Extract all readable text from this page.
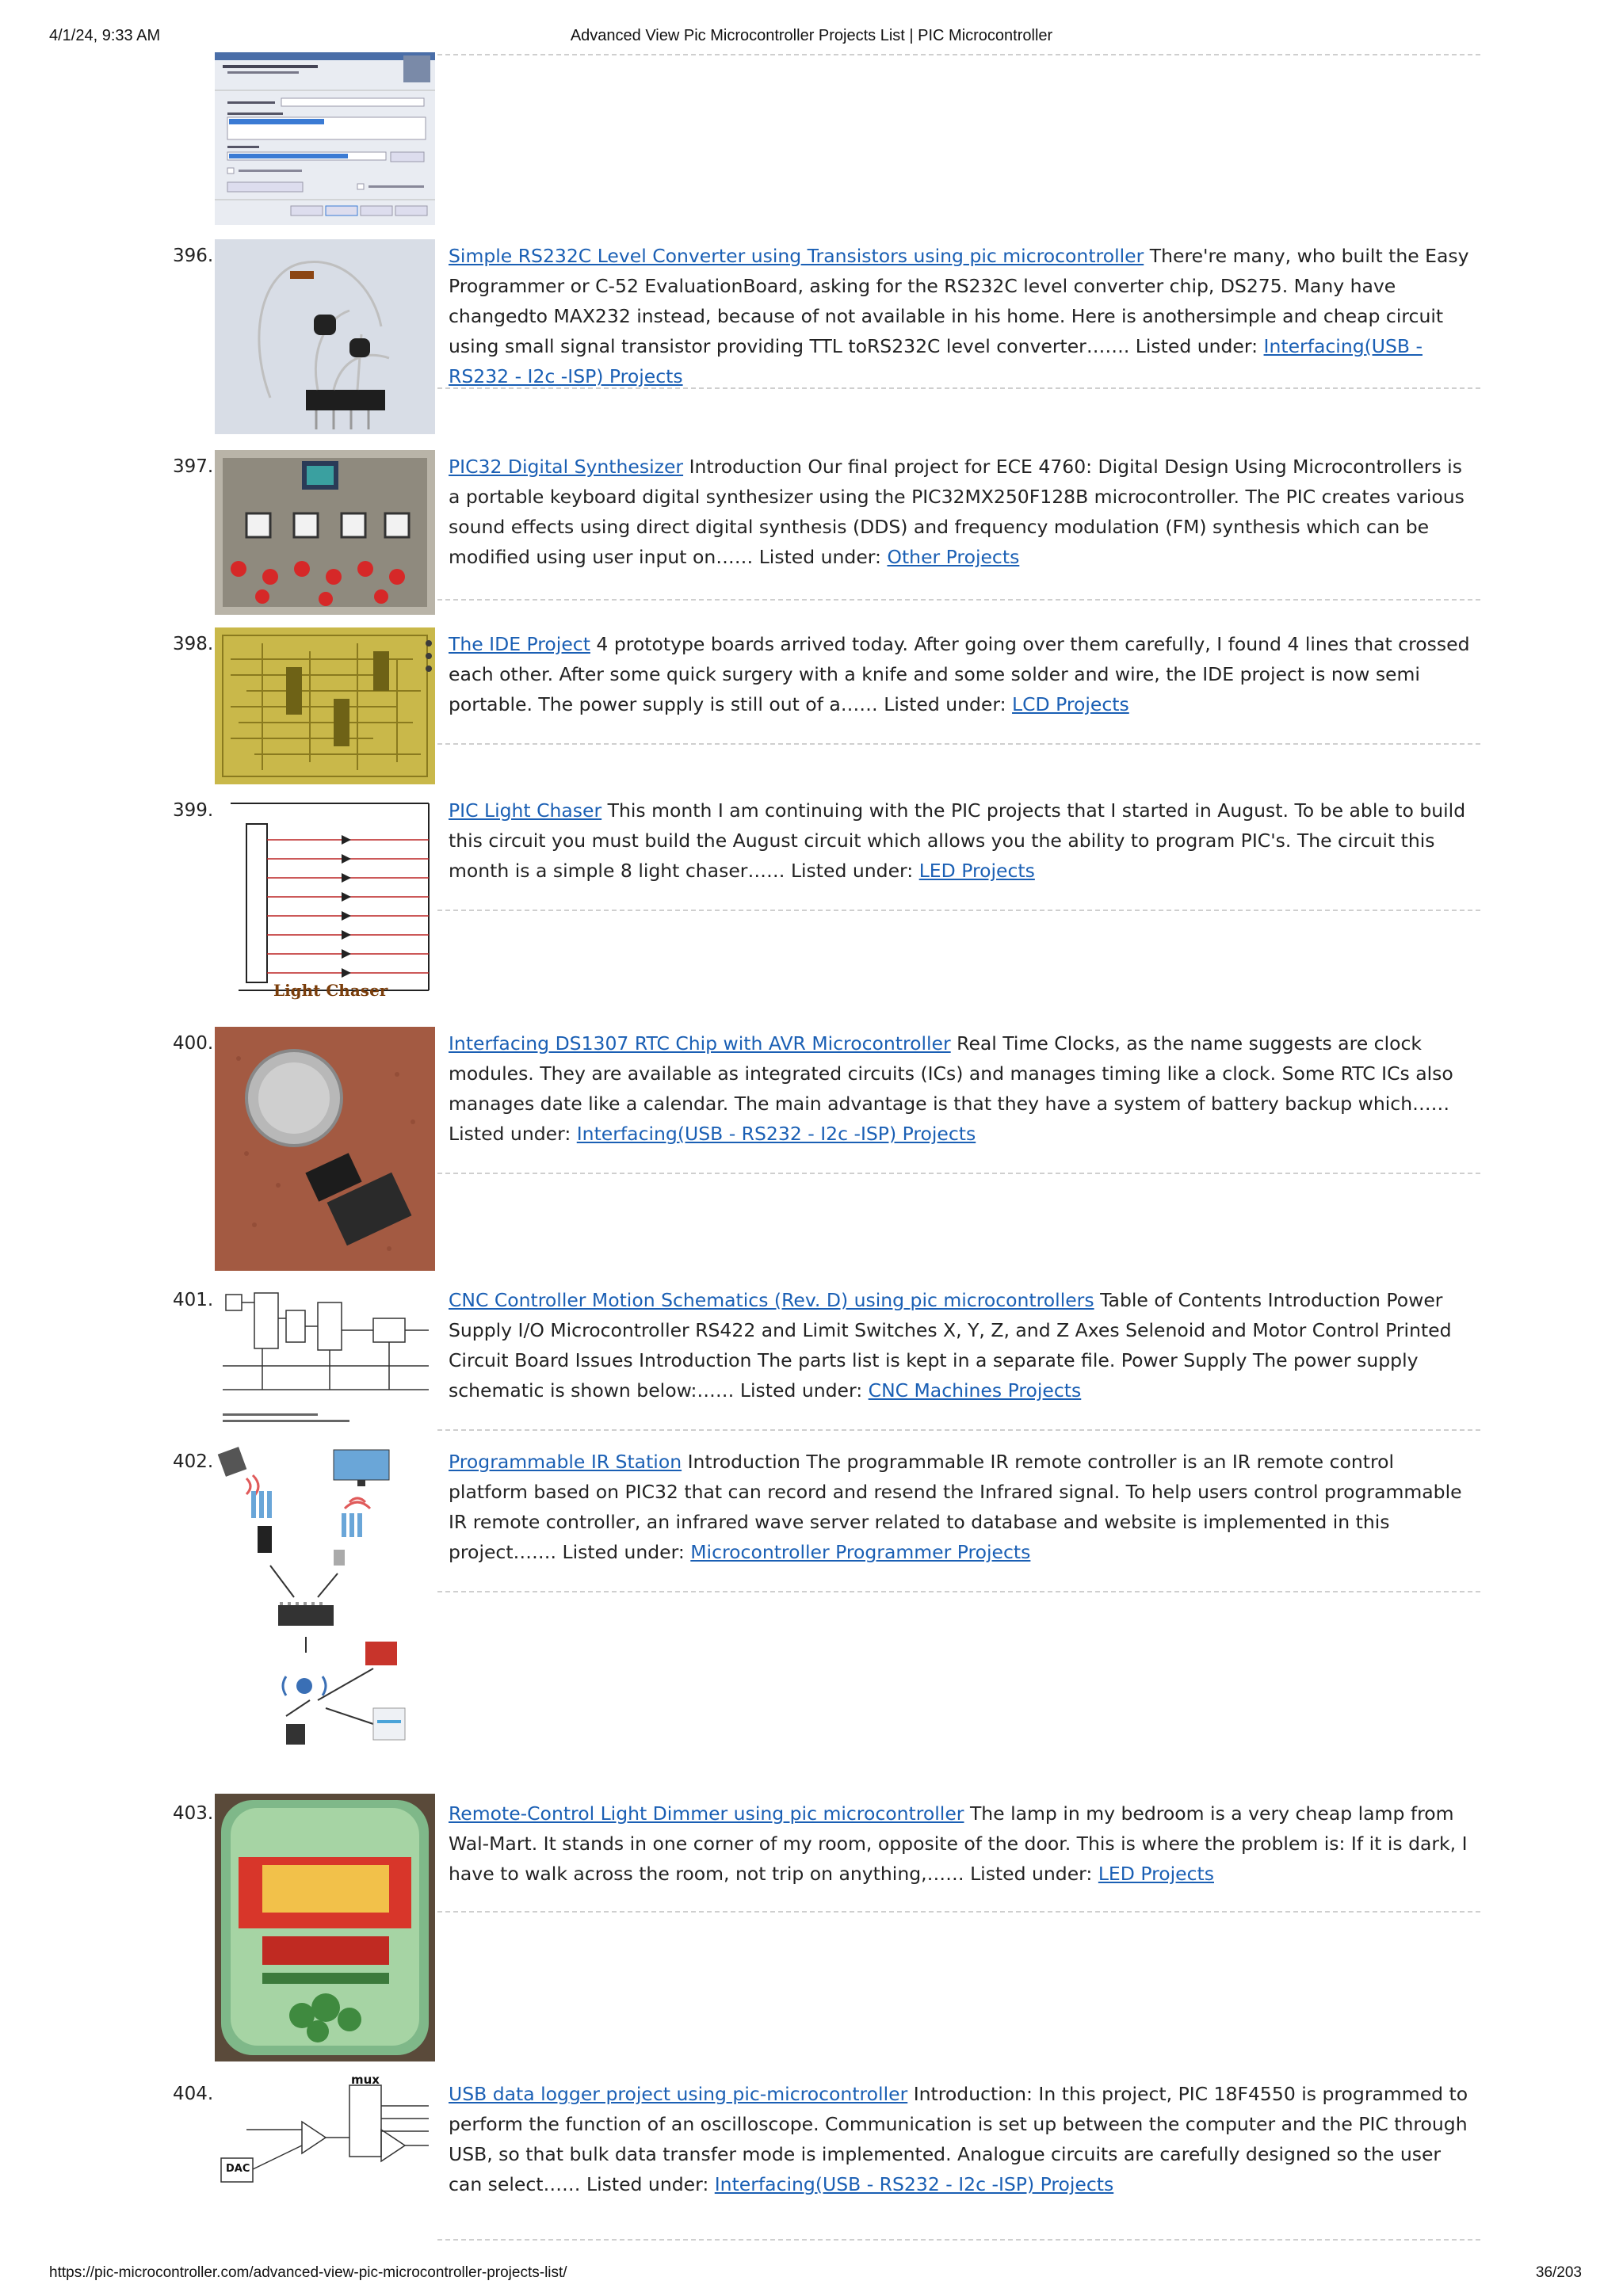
4/1/24, 9:33 AM	Advanced View Pic Microcontroller Projects List | PIC Microcontroller
396.	Simple RS232C Level Converter using Transistors using pic microcontroller There're many, who built the Easy Programmer or C-52 EvaluationBoard, asking for the RS232C level converter chip, DS275. Many have changedto MAX232 instead, because of not available in his home. Here is anothersimple and cheap circuit using small signal transistor providing TTL toRS232C level converter……. Listed under: Interfacing(USB - RS232 - I2c -ISP) Projects
397.	PIC32 Digital Synthesizer Introduction Our final project for ECE 4760: Digital Design Using Microcontrollers is a portable keyboard digital synthesizer using the PIC32MX250F128B microcontroller. The PIC creates various sound effects using direct digital synthesis (DDS) and frequency modulation (FM) synthesis which can be modified using user input on…… Listed under: Other Projects
398.	The IDE Project 4 prototype boards arrived today. After going over them carefully, I found 4 lines that crossed each other. After some quick surgery with a knife and some solder and wire, the IDE project is now semi portable. The power supply is still out of a…… Listed under: LCD Projects
399.
Light Chaser
PIC Light Chaser This month I am continuing with the PIC projects that I started in August. To be able to build this circuit you must build the August circuit which allows you the ability to program PIC's. The circuit this month is a simple 8 light chaser…… Listed under: LED Projects
400.	Interfacing DS1307 RTC Chip with AVR Microcontroller Real Time Clocks, as the name suggests are clock modules. They are available as integrated circuits (ICs) and manages timing like a clock. Some RTC ICs also manages date like a calendar. The main advantage is that they have a system of battery backup which…… Listed under: Interfacing(USB - RS232 - I2c -ISP) Projects
401.	CNC Controller Motion Schematics (Rev. D) using pic microcontrollers Table of Contents Introduction Power Supply I/O Microcontroller RS422 and Limit Switches X, Y, Z, and Z Axes Selenoid and Motor Control Printed Circuit Board Issues Introduction The parts list is kept in a separate file. Power Supply The power supply schematic is shown below:…… Listed under: CNC Machines Projects
402.	Programmable IR Station Introduction The programmable IR remote controller is an IR remote control platform based on PIC32 that can record and resend the Infrared signal. To help users control programmable IR remote controller, an infrared wave server related to database and website is implemented in this project……. Listed under: Microcontroller Programmer Projects
403.	Remote-Control Light Dimmer using pic microcontroller The lamp in my bedroom is a very cheap lamp from Wal-Mart. It stands in one corner of my room, opposite of the door. This is where the problem is: If it is dark, I have to walk across the room, not trip on anything,…… Listed under: LED Projects
404.
mux
DAC
USB data logger project using pic-microcontroller Introduction: In this project, PIC 18F4550 is programmed to perform the function of an oscilloscope. Communication is set up between the computer and the PIC through USB, so that bulk data transfer mode is implemented. Analogue circuits are carefully designed so the user can select…… Listed under: Interfacing(USB - RS232 - I2c -ISP) Projects
https://pic-microcontroller.com/advanced-view-pic-microcontroller-projects-list/	36/203
